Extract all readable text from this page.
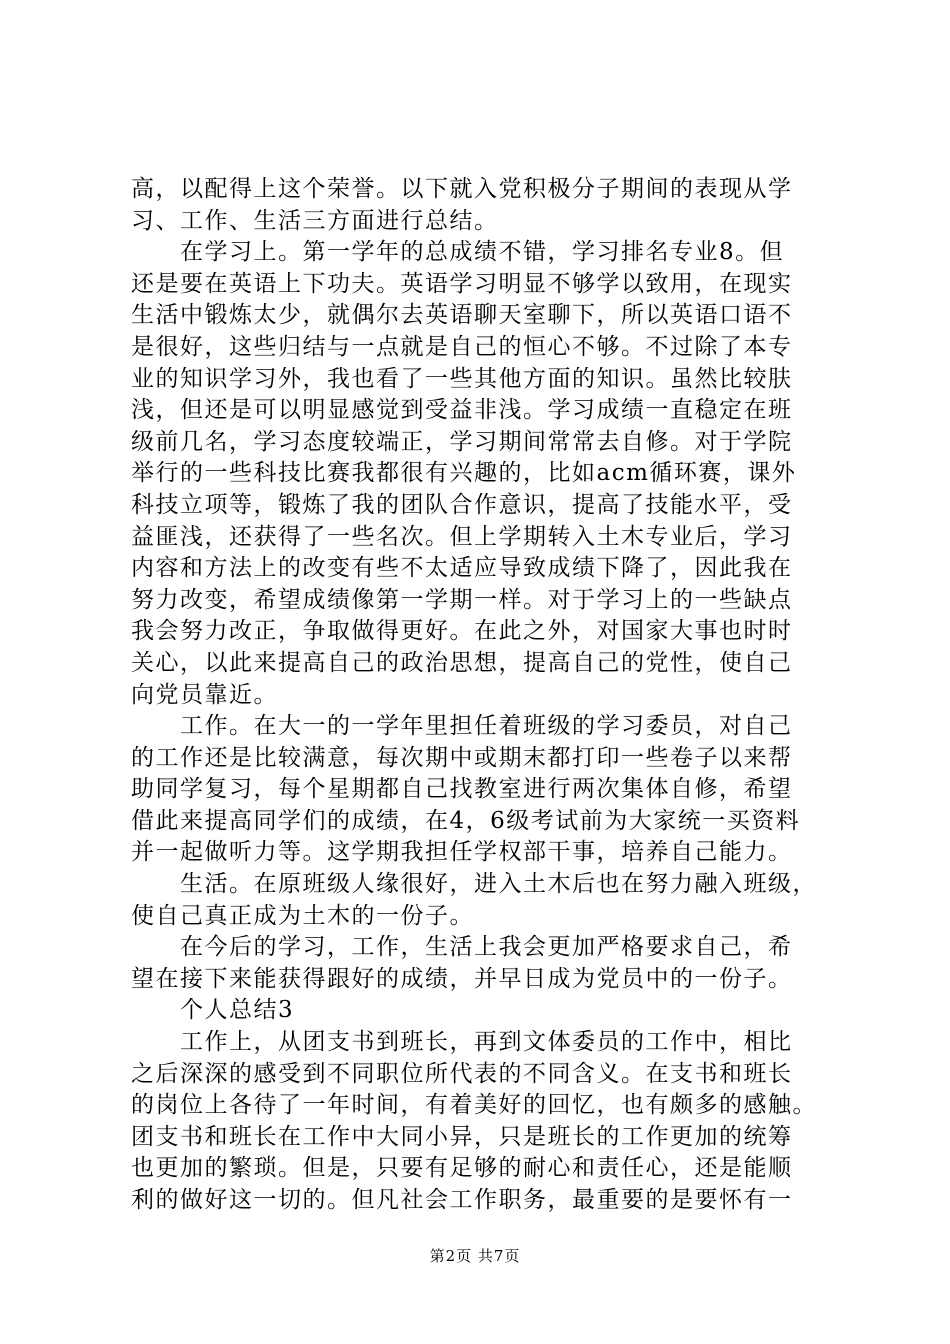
高，以配得上这个荣誉。以下就入党积极分子期间的表现从学
习、工作、生活三方面进行总结。
　　在学习上。第一学年的总成绩不错，学习排名专业8。但
还是要在英语上下功夫。英语学习明显不够学以致用，在现实
生活中锻炼太少，就偶尔去英语聊天室聊下，所以英语口语不
是很好，这些归结与一点就是自己的恒心不够。不过除了本专
业的知识学习外，我也看了一些其他方面的知识。虽然比较肤
浅，但还是可以明显感觉到受益非浅。学习成绩一直稳定在班
级前几名，学习态度较端正，学习期间常常去自修。对于学院
举行的一些科技比赛我都很有兴趣的，比如acm循环赛，课外
科技立项等，锻炼了我的团队合作意识，提高了技能水平，受
益匪浅，还获得了一些名次。但上学期转入土木专业后，学习
内容和方法上的改变有些不太适应导致成绩下降了，因此我在
努力改变，希望成绩像第一学期一样。对于学习上的一些缺点
我会努力改正，争取做得更好。在此之外，对国家大事也时时
关心，以此来提高自己的政治思想，提高自己的党性，使自己
向党员靠近。
　　工作。在大一的一学年里担任着班级的学习委员，对自己
的工作还是比较满意，每次期中或期末都打印一些卷子以来帮
助同学复习，每个星期都自己找教室进行两次集体自修，希望
借此来提高同学们的成绩，在4，6级考试前为大家统一买资料
并一起做听力等。这学期我担任学权部干事，培养自己能力。
　　生活。在原班级人缘很好，进入土木后也在努力融入班级，
使自己真正成为土木的一份子。
　　在今后的学习，工作，生活上我会更加严格要求自己，希
望在接下来能获得跟好的成绩，并早日成为党员中的一份子。
　　个人总结3
　　工作上，从团支书到班长，再到文体委员的工作中，相比
之后深深的感受到不同职位所代表的不同含义。在支书和班长
的岗位上各待了一年时间，有着美好的回忆，也有颇多的感触。
团支书和班长在工作中大同小异，只是班长的工作更加的统筹
也更加的繁琐。但是，只要有足够的耐心和责任心，还是能顺
利的做好这一切的。但凡社会工作职务，最重要的是要怀有一
第2页 共7页
